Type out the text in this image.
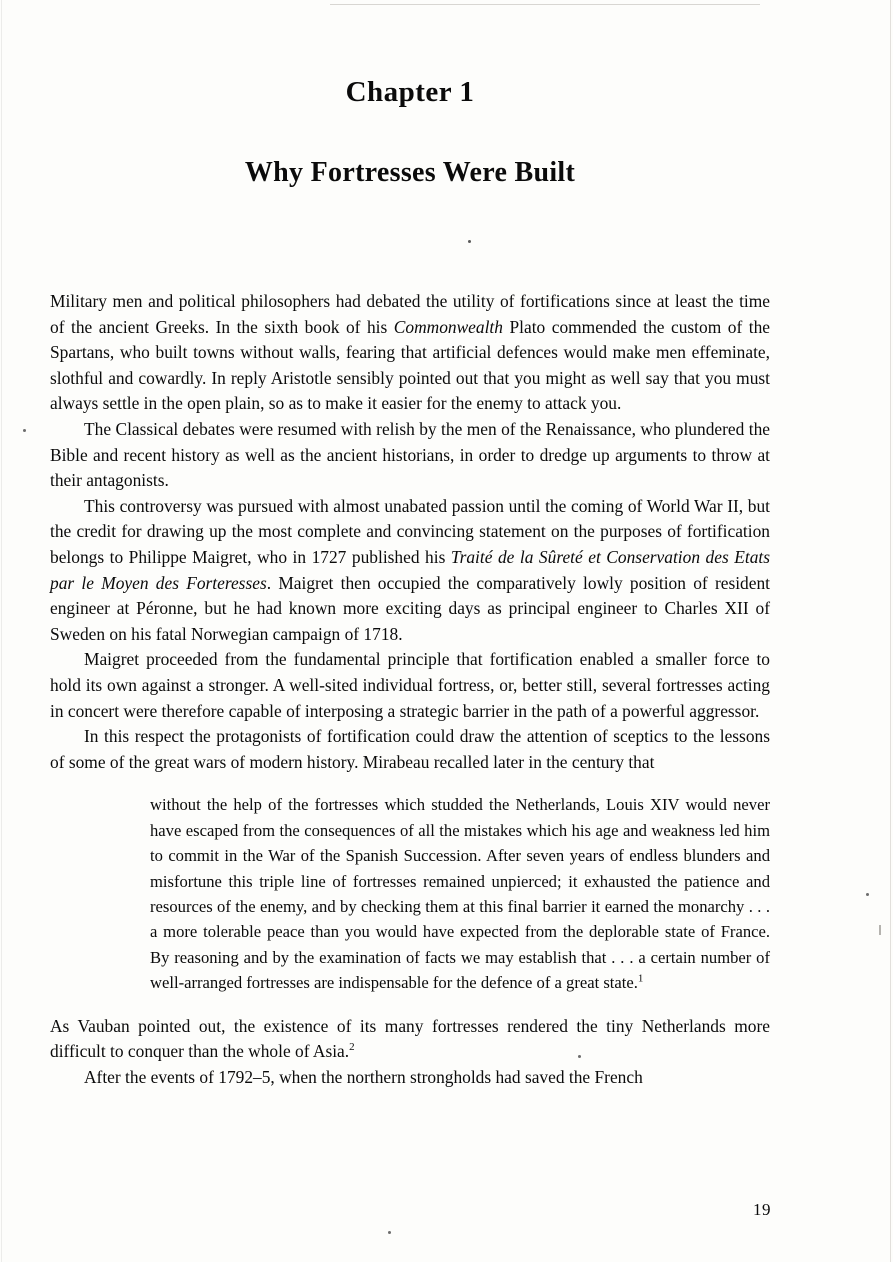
Chapter 1
Why Fortresses Were Built

Military men and political philosophers had debated the utility of fortifications since at least the time of the ancient Greeks. In the sixth book of his Commonwealth Plato commended the custom of the Spartans, who built towns without walls, fearing that artificial defences would make men effeminate, slothful and cowardly. In reply Aristotle sensibly pointed out that you might as well say that you must always settle in the open plain, so as to make it easier for the enemy to attack you.

The Classical debates were resumed with relish by the men of the Renaissance, who plundered the Bible and recent history as well as the ancient historians, in order to dredge up arguments to throw at their antagonists.

This controversy was pursued with almost unabated passion until the coming of World War II, but the credit for drawing up the most complete and convincing statement on the purposes of fortification belongs to Philippe Maigret, who in 1727 published his Traité de la Sûreté et Conservation des Etats par le Moyen des Forteresses. Maigret then occupied the comparatively lowly position of resident engineer at Péronne, but he had known more exciting days as principal engineer to Charles XII of Sweden on his fatal Norwegian campaign of 1718.

Maigret proceeded from the fundamental principle that fortification enabled a smaller force to hold its own against a stronger. A well-sited individual fortress, or, better still, several fortresses acting in concert were therefore capable of interposing a strategic barrier in the path of a powerful aggressor.

In this respect the protagonists of fortification could draw the attention of sceptics to the lessons of some of the great wars of modern history. Mirabeau recalled later in the century that

without the help of the fortresses which studded the Netherlands, Louis XIV would never have escaped from the consequences of all the mistakes which his age and weakness led him to commit in the War of the Spanish Succession. After seven years of endless blunders and misfortune this triple line of fortresses remained unpierced; it exhausted the patience and resources of the enemy, and by checking them at this final barrier it earned the monarchy . . . a more tolerable peace than you would have expected from the deplorable state of France. By reasoning and by the examination of facts we may establish that . . . a certain number of well-arranged fortresses are indispensable for the defence of a great state.$^1$

As Vauban pointed out, the existence of its many fortresses rendered the tiny Netherlands more difficult to conquer than the whole of Asia.$^2$

After the events of 1792–5, when the northern strongholds had saved the French

19
